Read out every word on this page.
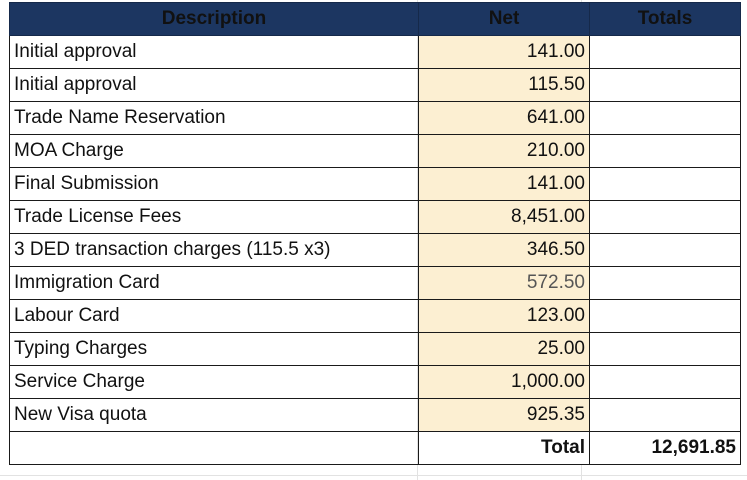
Description	Net	Totals
Initial approval	141.00	
Initial approval	115.50	
Trade Name Reservation	641.00	
MOA Charge	210.00	
Final Submission	141.00	
Trade License Fees	8,451.00	
3 DED transaction charges (115.5 x3)	346.50	
Immigration Card	572.50	
Labour Card	123.00	
Typing Charges	25.00	
Service Charge	1,000.00	
New Visa quota	925.35	
	Total	12,691.85
